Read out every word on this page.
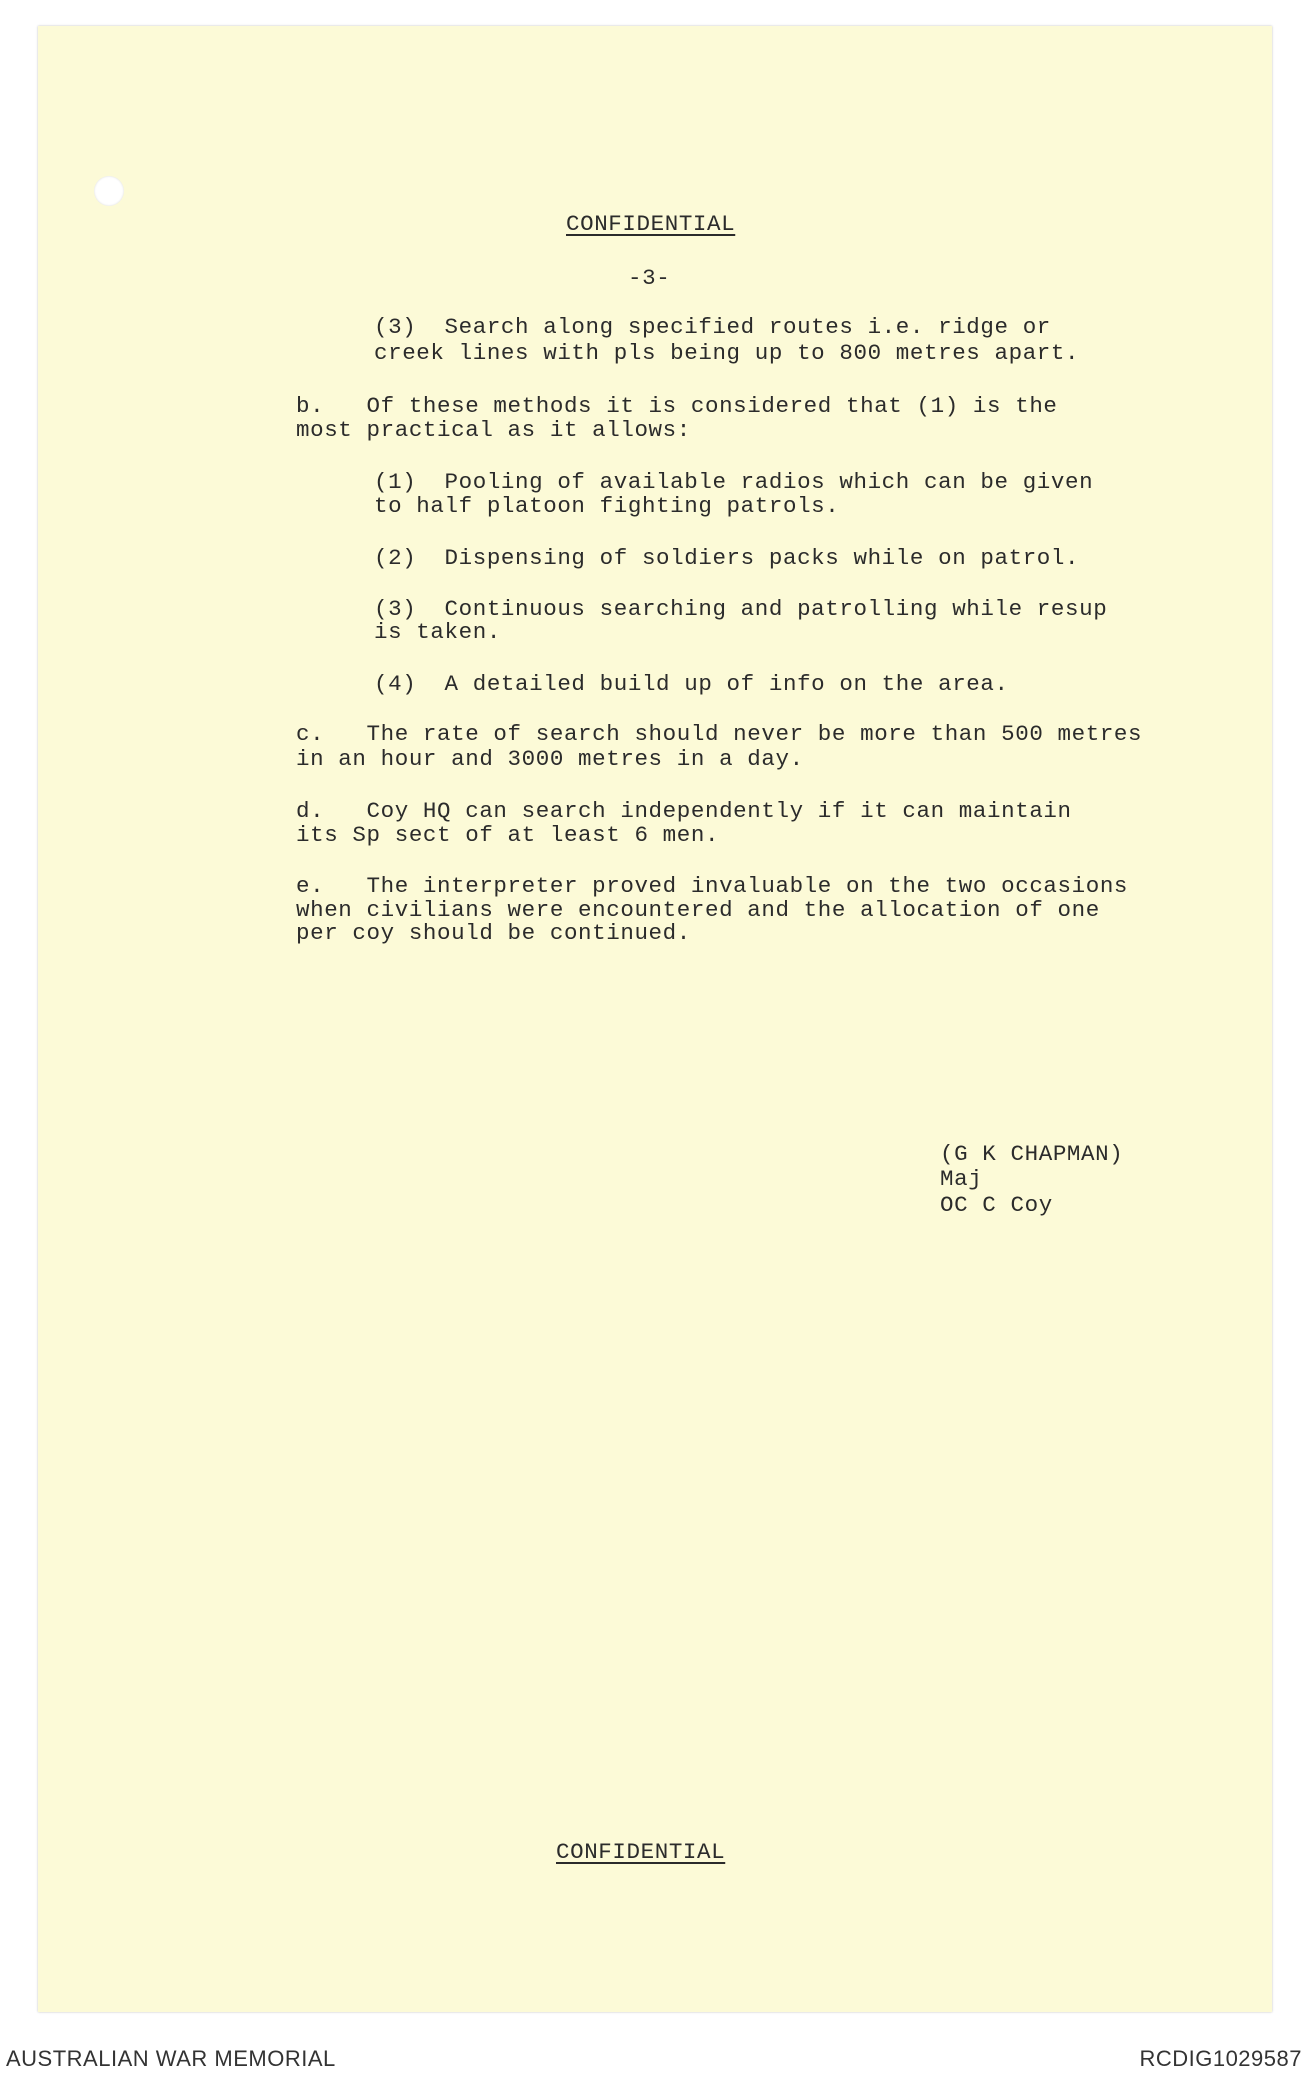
CONFIDENTIAL
-3-
(3)  Search along specified routes i.e. ridge or
creek lines with pls being up to 800 metres apart.
b.   Of these methods it is considered that (1) is the
most practical as it allows:
(1)  Pooling of available radios which can be given
to half platoon fighting patrols.
(2)  Dispensing of soldiers packs while on patrol.
(3)  Continuous searching and patrolling while resup
is taken.
(4)  A detailed build up of info on the area.
c.   The rate of search should never be more than 500 metres
in an hour and 3000 metres in a day.
d.   Coy HQ can search independently if it can maintain
its Sp sect of at least 6 men.
e.   The interpreter proved invaluable on the two occasions
when civilians were encountered and the allocation of one
per coy should be continued.
(G K CHAPMAN)
Maj
OC C Coy
CONFIDENTIAL
AUSTRALIAN WAR MEMORIAL	RCDIG1029587
